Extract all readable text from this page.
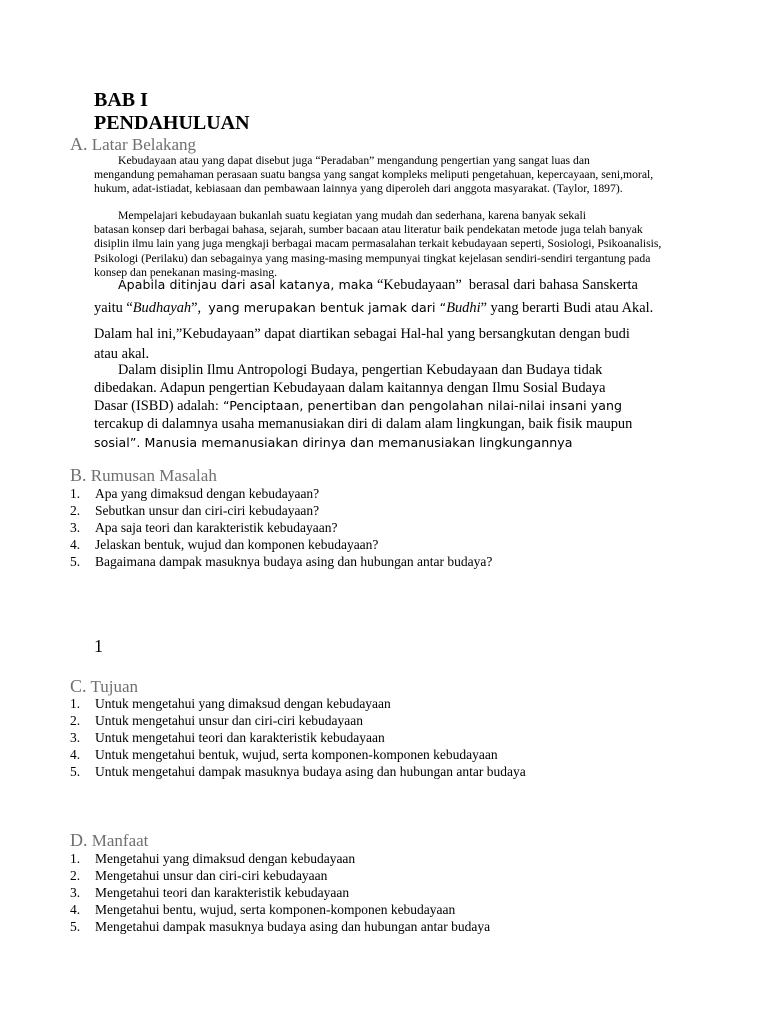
BAB I
PENDAHULUAN
A. Latar Belakang
Kebudayaan atau yang dapat disebut juga “Peradaban” mengandung pengertian yang sangat luas dan
mengandung pemahaman perasaan suatu bangsa yang sangat kompleks meliputi pengetahuan, kepercayaan, seni,moral, hukum, adat-istiadat, kebiasaan dan pembawaan lainnya yang diperoleh dari anggota masyarakat. (Taylor, 1897).
Mempelajari kebudayaan bukanlah suatu kegiatan yang mudah dan sederhana, karena banyak sekali
batasan konsep dari berbagai bahasa, sejarah, sumber bacaan atau literatur baik pendekatan metode juga telah banyak disiplin ilmu lain yang juga mengkaji berbagai macam permasalahan terkait kebudayaan seperti, Sosiologi, Psikoanalisis, Psikologi (Perilaku) dan sebagainya yang masing-masing mempunyai tingkat kejelasan sendiri-sendiri tergantung pada konsep dan penekanan masing-masing.
Apabila ditinjau dari asal katanya, maka “Kebudayaan”  berasal dari bahasa Sanskerta
yaitu “Budhayah”,  yang merupakan bentuk jamak dari “Budhi” yang berarti Budi atau Akal.
Dalam hal ini,”Kebudayaan” dapat diartikan sebagai Hal-hal yang bersangkutan dengan budi
atau akal.
Dalam disiplin Ilmu Antropologi Budaya, pengertian Kebudayaan dan Budaya tidak
dibedakan. Adapun pengertian Kebudayaan dalam kaitannya dengan Ilmu Sosial Budaya
Dasar (ISBD) adalah: “Penciptaan, penertiban dan pengolahan nilai-nilai insani yang
tercakup di dalamnya usaha memanusiakan diri di dalam alam lingkungan, baik fisik maupun
sosial”. Manusia memanusiakan dirinya dan memanusiakan lingkungannya
B. Rumusan Masalah
1. Apa yang dimaksud dengan kebudayaan?
2. Sebutkan unsur dan ciri-ciri kebudayaan?
3. Apa saja teori dan karakteristik kebudayaan?
4. Jelaskan bentuk, wujud dan komponen kebudayaan?
5. Bagaimana dampak masuknya budaya asing dan hubungan antar budaya?
1
C. Tujuan
1. Untuk mengetahui yang dimaksud dengan kebudayaan
2. Untuk mengetahui unsur dan ciri-ciri kebudayaan
3. Untuk mengetahui teori dan karakteristik kebudayaan
4. Untuk mengetahui bentuk, wujud, serta komponen-komponen kebudayaan
5. Untuk mengetahui dampak masuknya budaya asing dan hubungan antar budaya
D. Manfaat
1. Mengetahui yang dimaksud dengan kebudayaan
2. Mengetahui unsur dan ciri-ciri kebudayaan
3. Mengetahui teori dan karakteristik kebudayaan
4. Mengetahui bentu, wujud, serta komponen-komponen kebudayaan
5. Mengetahui dampak masuknya budaya asing dan hubungan antar budaya
